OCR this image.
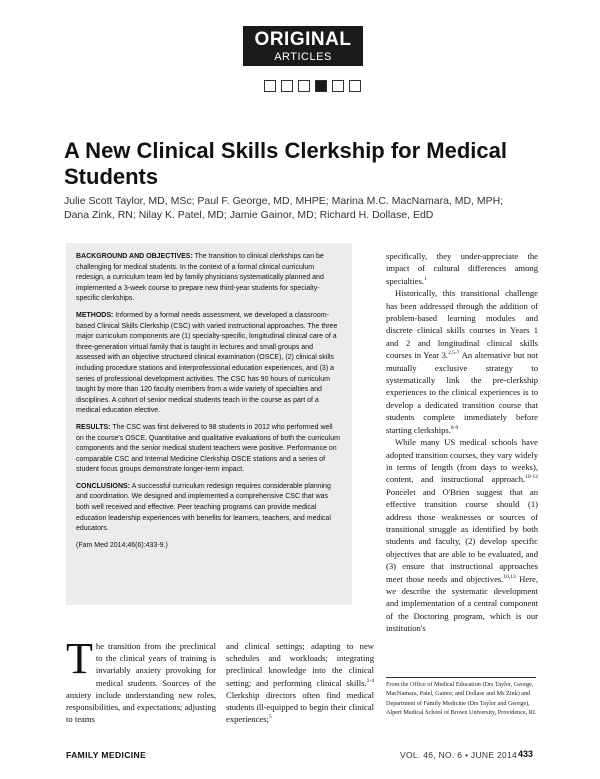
ORIGINAL
ARTICLES
A New Clinical Skills Clerkship for Medical Students
Julie Scott Taylor, MD, MSc; Paul F. George, MD, MHPE; Marina M.C. MacNamara, MD, MPH; Dana Zink, RN; Nilay K. Patel, MD; Jamie Gainor, MD; Richard H. Dollase, EdD

BACKGROUND AND OBJECTIVES: The transition to clinical clerkships can be challenging for medical students. In the context of a formal clinical curriculum redesign, a curriculum team led by family physicians systematically planned and implemented a 3-week course to prepare new third-year students for specialty-specific clerkships.

METHODS: Informed by a formal needs assessment, we developed a classroom-based Clinical Skills Clerkship (CSC) with varied instructional approaches. The three major curriculum components are (1) specialty-specific, longitudinal clinical care of a three-generation virtual family that is taught in lectures and small groups and assessed with an objective structured clinical examination (OSCE), (2) clinical skills including procedure stations and interprofessional education experiences, and (3) a series of professional development activities. The CSC has 90 hours of curriculum taught by more than 120 faculty members from a wide variety of specialties and disciplines. A cohort of senior medical students teach in the course as part of a medical education elective.

RESULTS: The CSC was first delivered to 98 students in 2012 who performed well on the course's OSCE. Quantitative and qualitative evaluations of both the curriculum components and the senior medical student teachers were positive. Performance on comparable CSC and Internal Medicine Clerkship OSCE stations and a series of student focus groups demonstrate longer-term impact.

CONCLUSIONS: A successful curriculum redesign requires considerable planning and coordination. We designed and implemented a comprehensive CSC that was both well received and effective. Peer teaching programs can provide medical education leadership experiences with benefits for learners, teachers, and medical educators.

(Fam Med 2014;46(6):433-9.)

specifically, they under-appreciate the impact of cultural differences among specialties.$^1$

Historically, this transitional challenge has been addressed through the addition of problem-based learning modules and discrete clinical skills courses in Years 1 and 2 and longitudinal clinical skills courses in Year 3.$^{2,5-7}$ An alternative but not mutually exclusive strategy to systematically link the pre-clerkship experiences to the clinical experiences is to develop a dedicated transition course that students complete immediately before starting clerkships.$^{8-9}$

While many US medical schools have adopted transition courses, they vary widely in terms of length (from days to weeks), content, and instructional approach.$^{10-12}$ Poncelet and O'Brien suggest that an effective transition course should (1) address those weaknesses or sources of transitional struggle as identified by both students and faculty, (2) develop specific objectives that are able to be evaluated, and (3) ensure that instructional approaches meet those needs and objectives.$^{10,13}$ Here, we describe the systematic development and implementation of a central component of the Doctoring program, which is our institution's

The transition from the preclinical to the clinical years of training is invariably anxiety provoking for medical students. Sources of the anxiety include understanding new roles, responsibilities, and expectations; adjusting to teams
and clinical settings; adapting to new schedules and workloads; integrating preclinical knowledge into the clinical setting; and performing clinical skills.$^{1-4}$ Clerkship directors often find medical students ill-equipped to begin their clinical experiences;$^5$
From the Office of Medical Education (Drs Taylor, George, MacNamara, Patel, Gainor, and Dollase and Ms Zink) and Department of Family Medicine (Drs Taylor and George), Alpert Medical School of Brown University, Providence, RI.
FAMILY MEDICINE	VOL. 46, NO. 6 • JUNE 2014 433
